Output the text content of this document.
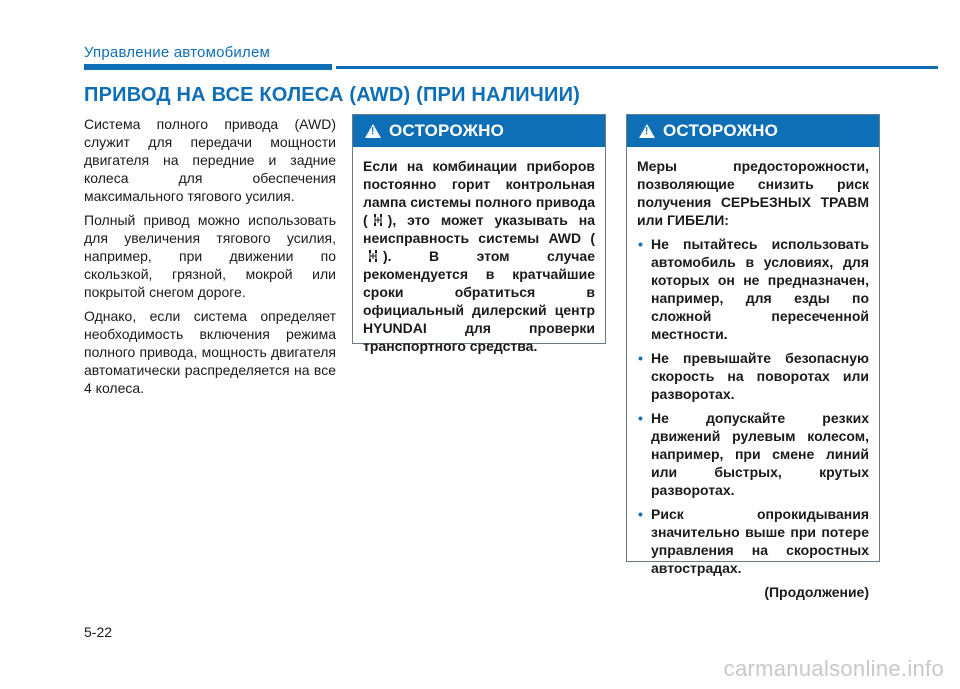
Управление автомобилем
ПРИВОД НА ВСЕ КОЛЕСА (AWD) (ПРИ НАЛИЧИИ)

Система полного привода (AWD) служит для передачи мощности двигателя на передние и задние колеса для обеспечения максимального тягового усилия.

Полный привод можно использовать для увеличения тягового усилия, например, при движении по скользкой, грязной, мокрой или покрытой снегом дороге.

Однако, если система определяет необходимость включения режима полного привода, мощность двигателя автоматически распределяется на все 4 колеса.

! ОСТОРОЖНО
Если на комбинации приборов постоянно горит контрольная лампа системы полного привода ( ), это может указывать на неисправность системы AWD (). В этом случае рекомендуется в кратчайшие сроки обратиться в официальный дилерский центр HYUNDAI для проверки транспортного средства.
! ОСТОРОЖНО
Меры предосторожности, позволяющие снизить риск получения СЕРЬЕЗНЫХ ТРАВМ или ГИБЕЛИ:
• Не пытайтесь использовать автомобиль в условиях, для которых он не предназначен, например, для езды по сложной пересеченной местности.
• Не превышайте безопасную скорость на поворотах или разворотах.
• Не допускайте резких движений рулевым колесом, например, при смене линий или быстрых, крутых разворотах.
• Риск опрокидывания значительно выше при потере управления на скоростных автострадах.
(Продолжение)
5-22
carmanualsonline.info
